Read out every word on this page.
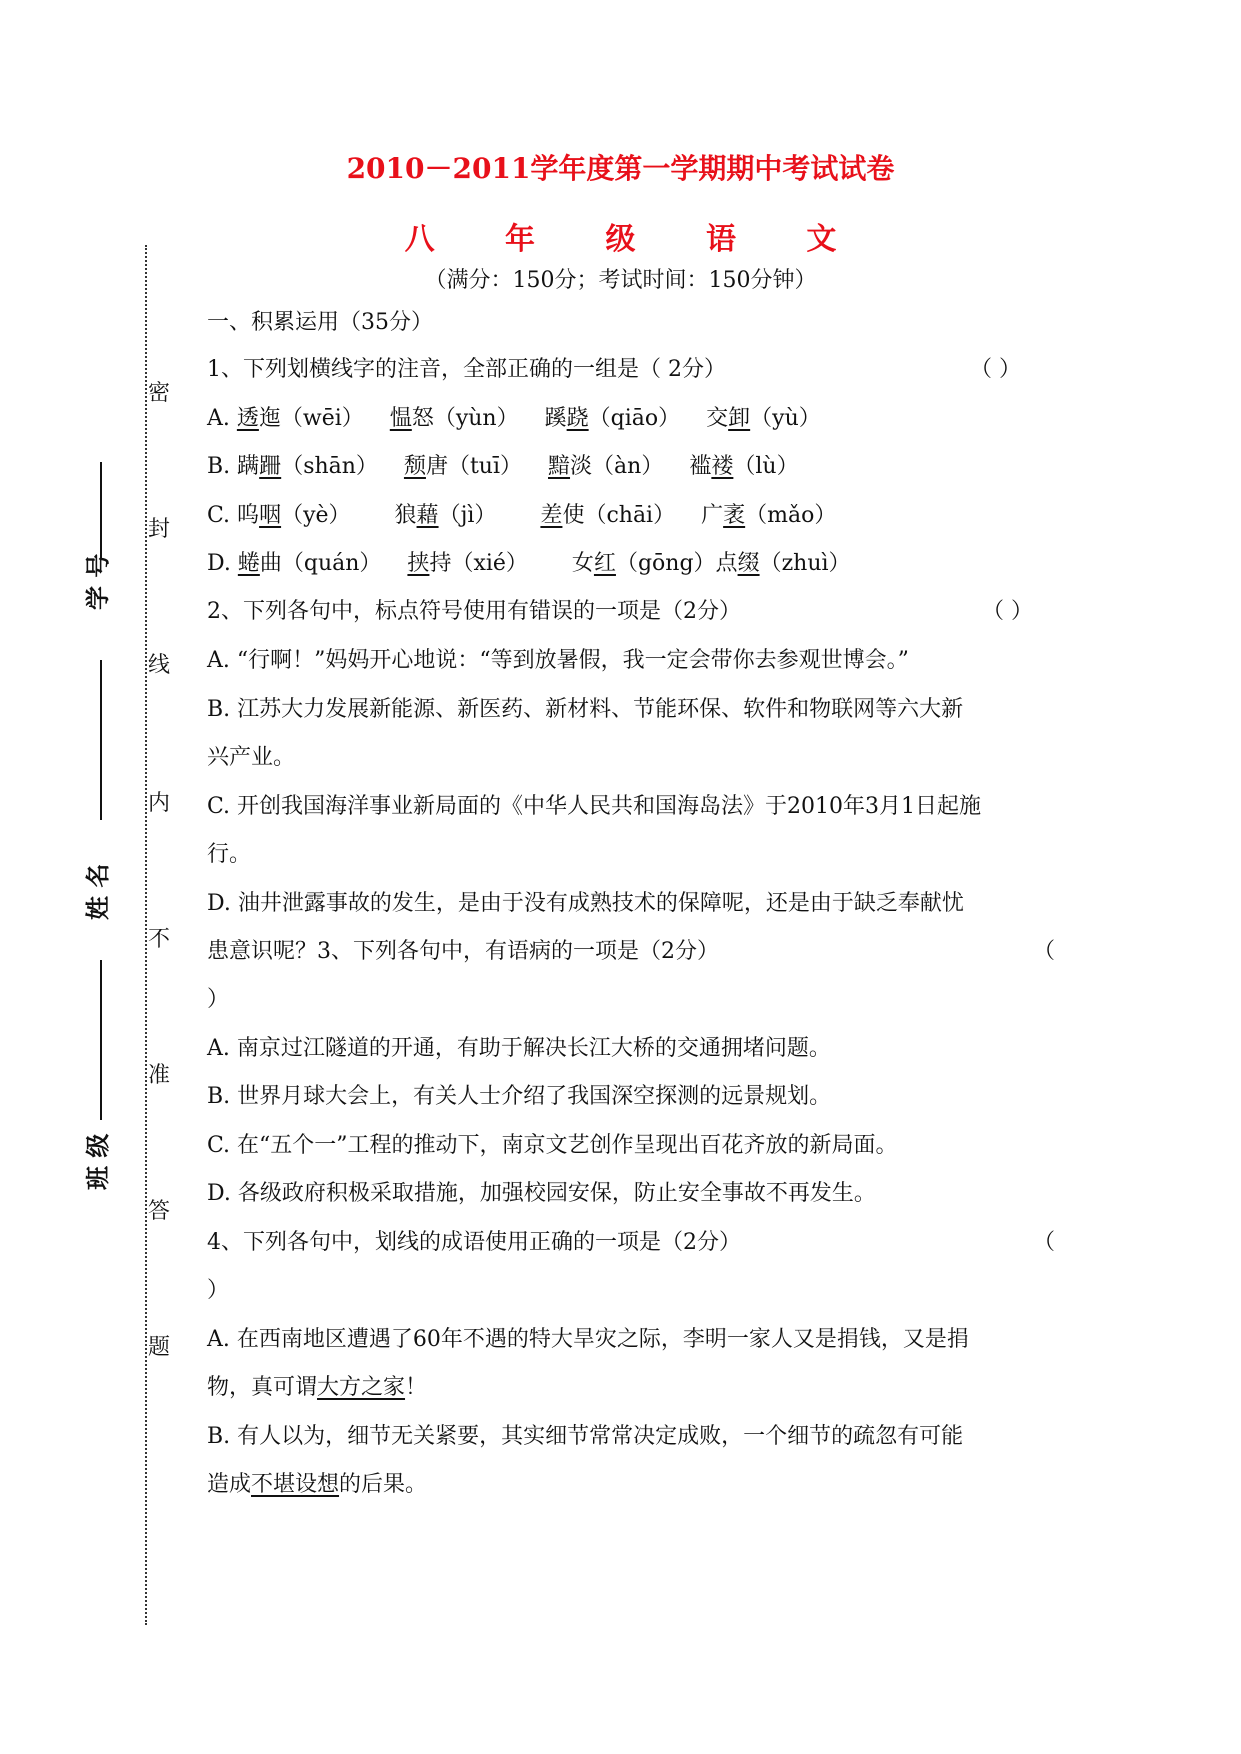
2010－2011学年度第一学期期中考试试卷
八 年 级 语 文
（满分：150分；考试时间：150分钟）
密
封
线
内
不
准
答
题
学 号
姓 名
班 级
一、积累运用（35分）
1、下列划横线字的注音，全部正确的一组是（ 2分）	（ ）
A. 透迤（wēi） 愠怒（yùn） 蹊跷（qiāo） 交卸（yù）
B. 蹒跚（shān） 颓唐（tuī） 黯淡（àn） 褴褛（lù）
C. 呜咽（yè） 狼藉（jì） 差使（chāi） 广袤（mǎo）
D. 蜷曲（quán） 挟持（xié） 女红（gōng）点缀（zhuì）
2、下列各句中，标点符号使用有错误的一项是（2分）	（ ）
A. “行啊！”妈妈开心地说：“等到放暑假，我一定会带你去参观世博会。”
B. 江苏大力发展新能源、新医药、新材料、节能环保、软件和物联网等六大新
兴产业。
C. 开创我国海洋事业新局面的《中华人民共和国海岛法》于2010年3月1日起施
行。
D. 油井泄露事故的发生，是由于没有成熟技术的保障呢，还是由于缺乏奉献忧
患意识呢？3、下列各句中，有语病的一项是（2分）	（
）
A. 南京过江隧道的开通，有助于解决长江大桥的交通拥堵问题。
B. 世界月球大会上，有关人士介绍了我国深空探测的远景规划。
C. 在“五个一”工程的推动下，南京文艺创作呈现出百花齐放的新局面。
D. 各级政府积极采取措施，加强校园安保，防止安全事故不再发生。
4、下列各句中，划线的成语使用正确的一项是（2分）	（
）
A. 在西南地区遭遇了60年不遇的特大旱灾之际，李明一家人又是捐钱，又是捐
物，真可谓大方之家！
B. 有人以为，细节无关紧要，其实细节常常决定成败，一个细节的疏忽有可能
造成不堪设想的后果。
